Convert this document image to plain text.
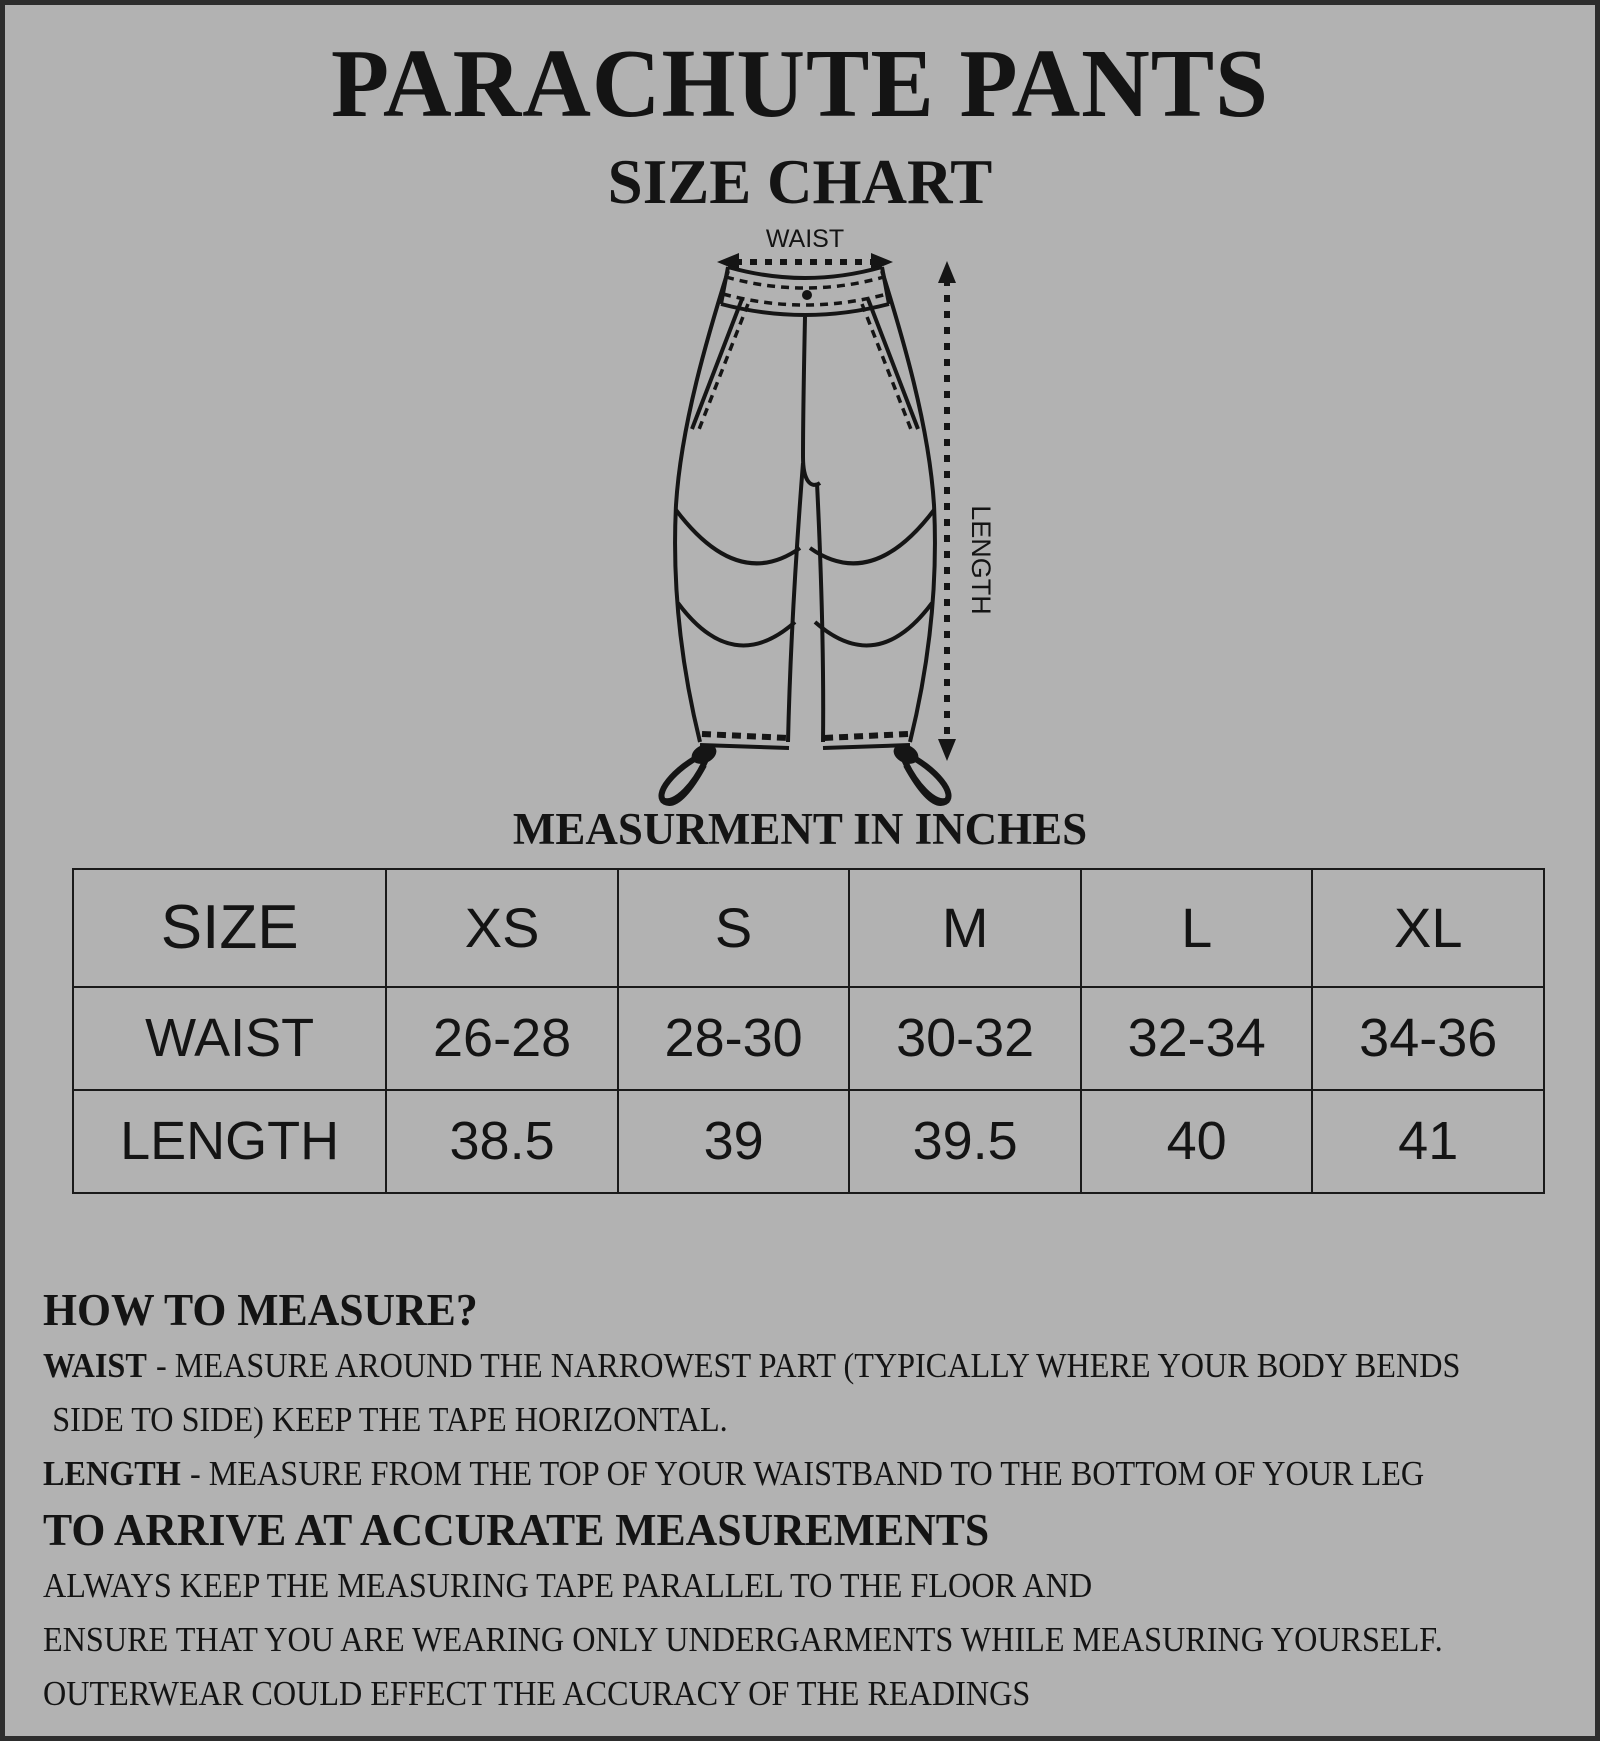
PARACHUTE PANTS
SIZE CHART
WAIST
LENGTH
MEASURMENT IN INCHES
SIZE	XS	S	M	L	XL
WAIST	26-28	28-30	30-32	32-34	34-36
LENGTH	38.5	39	39.5	40	41
HOW TO MEASURE?
WAIST - MEASURE AROUND THE NARROWEST PART (TYPICALLY WHERE YOUR BODY BENDS
SIDE TO SIDE) KEEP THE TAPE HORIZONTAL.
LENGTH - MEASURE FROM THE TOP OF YOUR WAISTBAND TO THE BOTTOM OF YOUR LEG
TO ARRIVE AT ACCURATE MEASUREMENTS
ALWAYS KEEP THE MEASURING TAPE PARALLEL TO THE FLOOR AND
ENSURE THAT YOU ARE WEARING ONLY UNDERGARMENTS WHILE MEASURING YOURSELF.
OUTERWEAR COULD EFFECT THE ACCURACY OF THE READINGS
